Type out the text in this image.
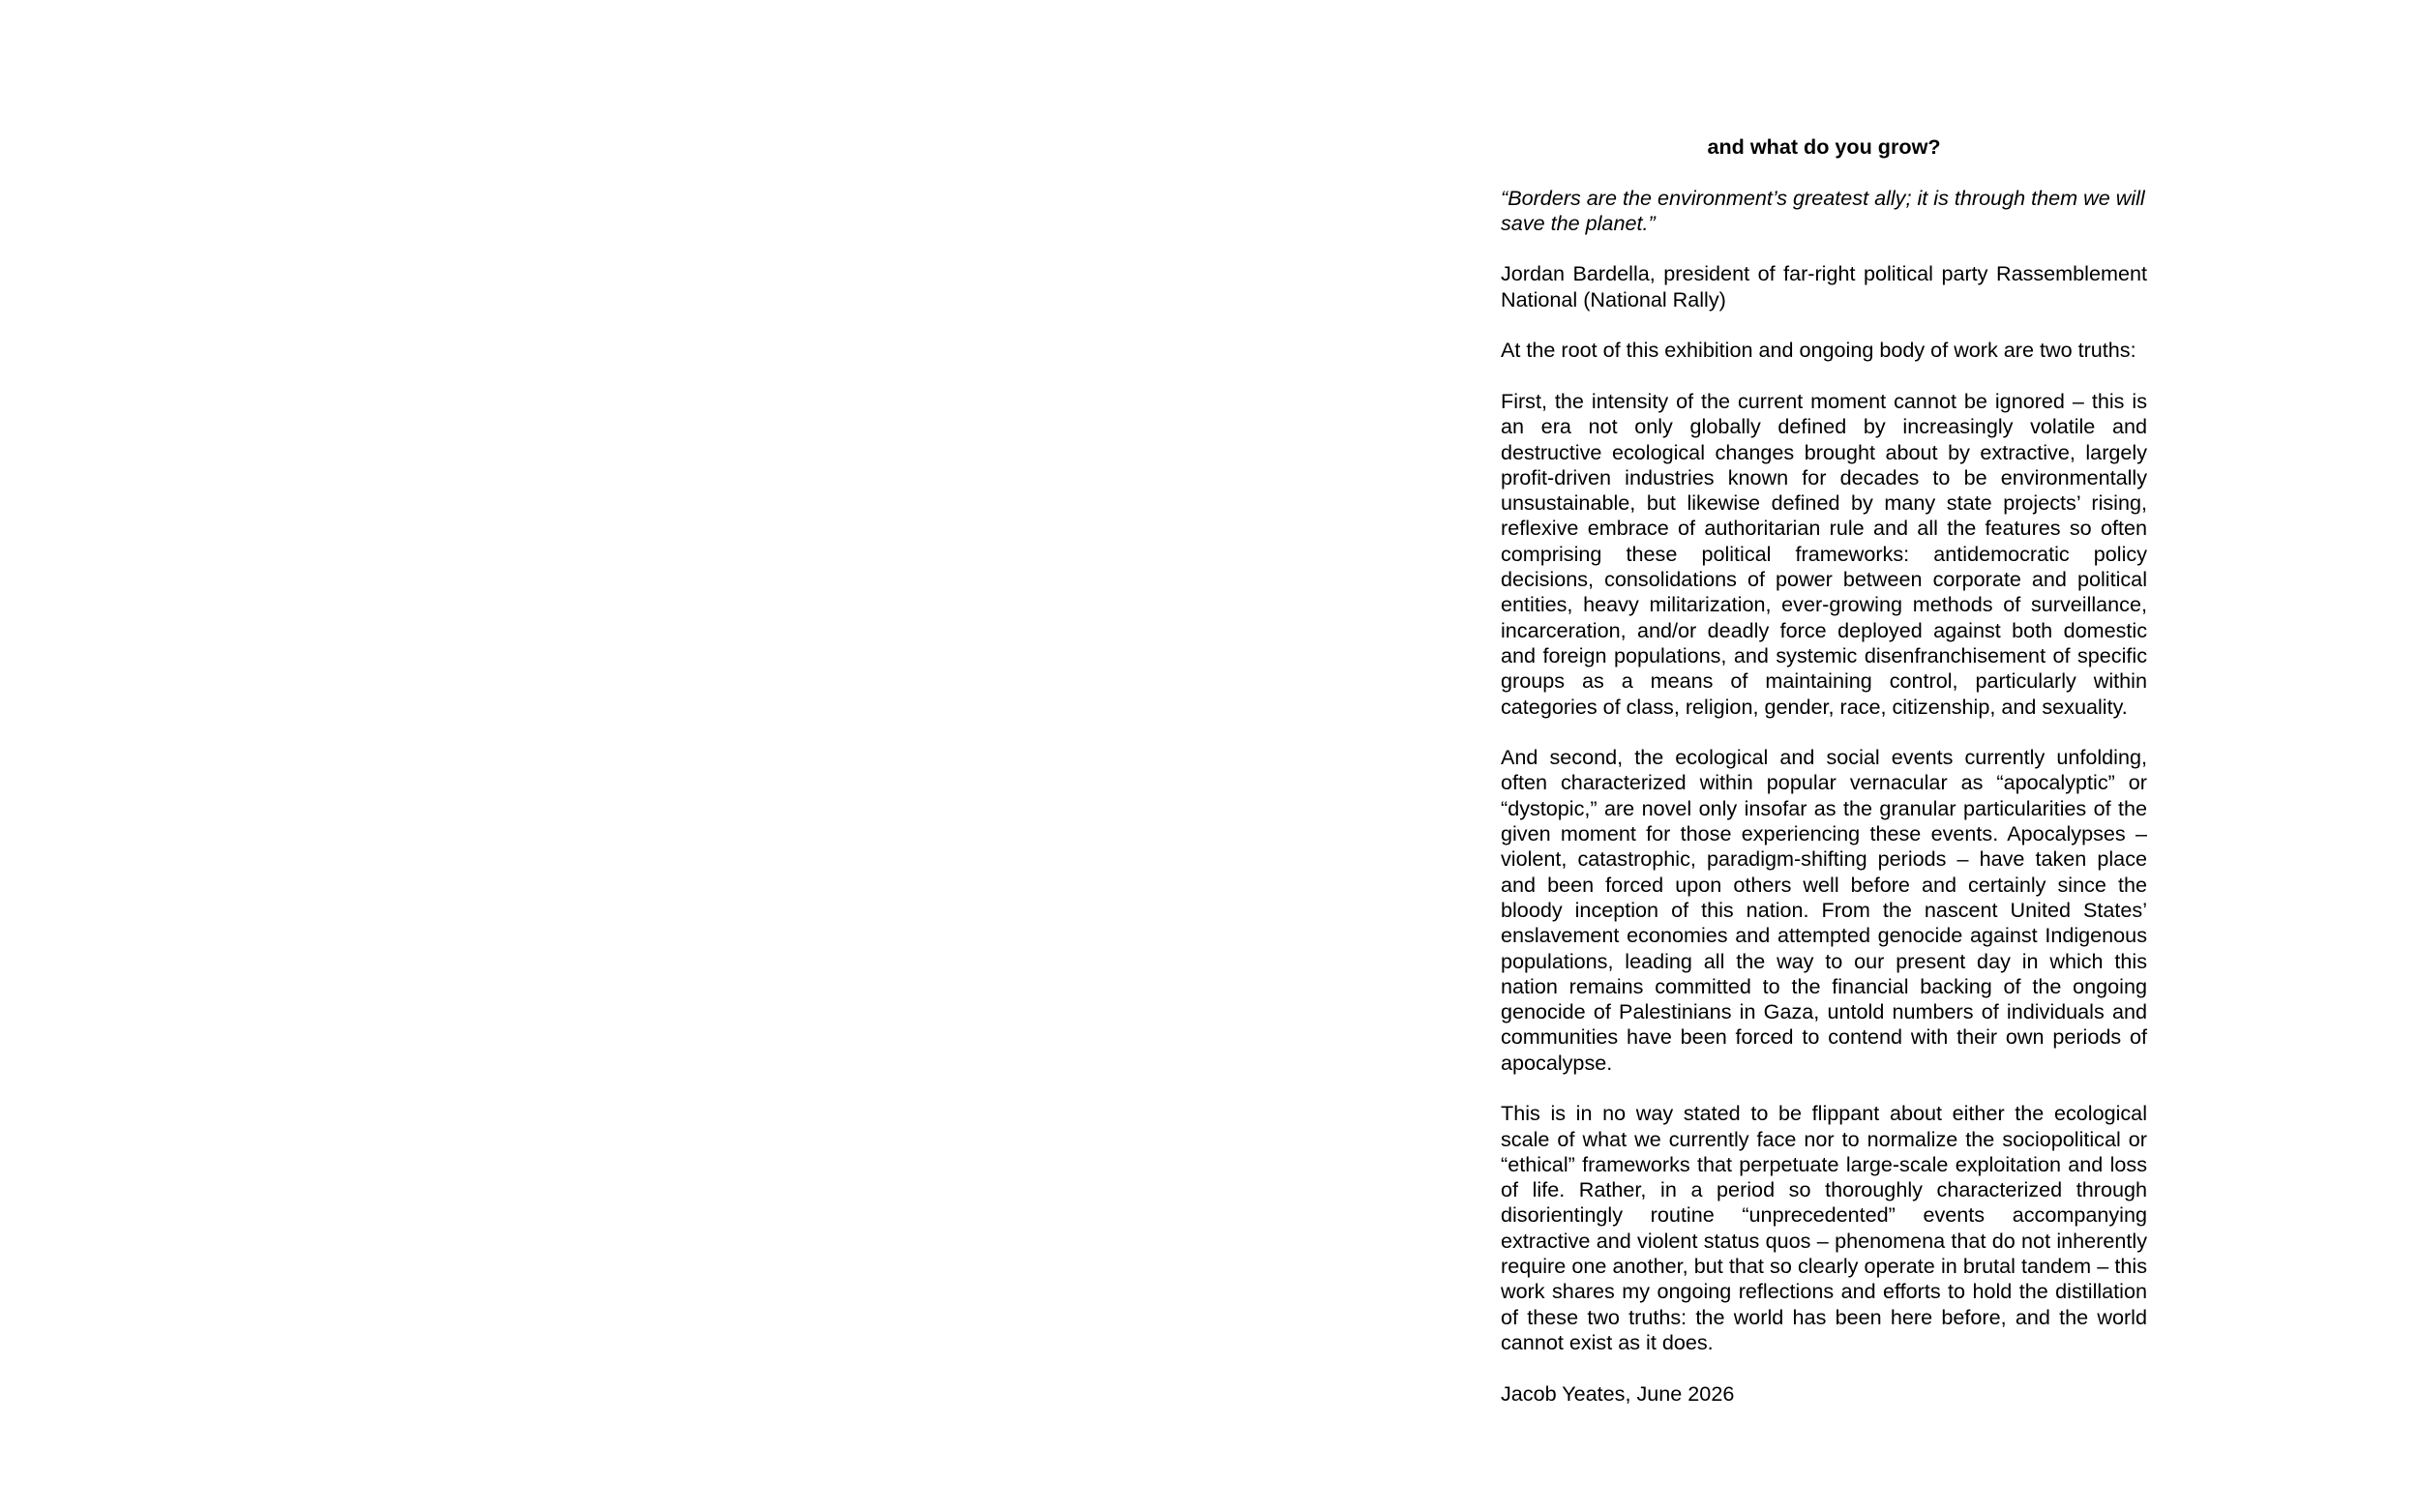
and what do you grow?

“Borders are the environment’s greatest ally; it is through them we will save the planet.”

Jordan Bardella, president of far-right political party Rassemblement National (National Rally)

At the root of this exhibition and ongoing body of work are two truths:

First, the intensity of the current moment cannot be ignored – this is an era not only globally defined by increasingly volatile and destructive ecological changes brought about by extractive, largely profit-driven industries known for decades to be environmentally unsustainable, but likewise defined by many state projects’ rising, reflexive embrace of authoritarian rule and all the features so often comprising these political frameworks: antidemocratic policy decisions, consolidations of power between corporate and political entities, heavy militarization, ever-growing methods of surveillance, incarceration, and/or deadly force deployed against both domestic and foreign populations, and systemic disenfranchisement of specific groups as a means of maintaining control, particularly within categories of class, religion, gender, race, citizenship, and sexuality.

And second, the ecological and social events currently unfolding, often characterized within popular vernacular as “apocalyptic” or “dystopic,” are novel only insofar as the granular particularities of the given moment for those experiencing these events. Apocalypses – violent, catastrophic, paradigm-shifting periods – have taken place and been forced upon others well before and certainly since the bloody inception of this nation. From the nascent United States’ enslavement economies and attempted genocide against Indigenous populations, leading all the way to our present day in which this nation remains committed to the financial backing of the ongoing genocide of Palestinians in Gaza, untold numbers of individuals and communities have been forced to contend with their own periods of apocalypse.

This is in no way stated to be flippant about either the ecological scale of what we currently face nor to normalize the sociopolitical or “ethical” frameworks that perpetuate large-scale exploitation and loss of life. Rather, in a period so thoroughly characterized through disorientingly routine “unprecedented” events accompanying extractive and violent status quos – phenomena that do not inherently require one another, but that so clearly operate in brutal tandem – this work shares my ongoing reflections and efforts to hold the distillation of these two truths: the world has been here before, and the world cannot exist as it does.

Jacob Yeates, June 2026
